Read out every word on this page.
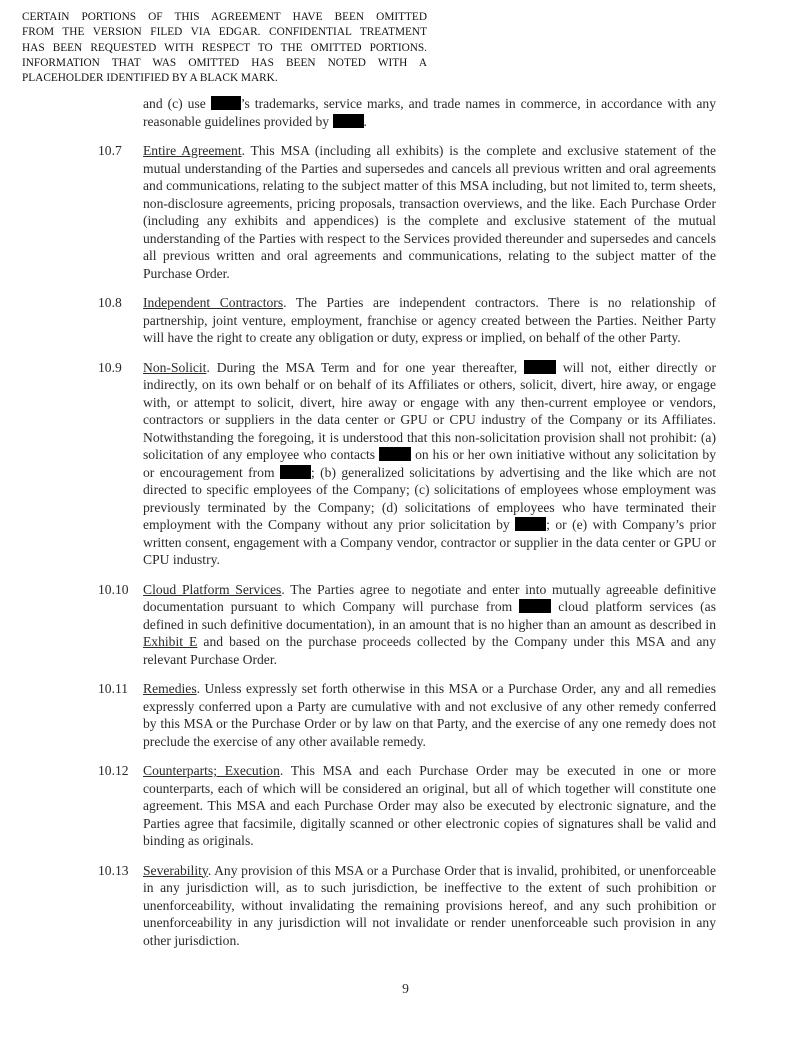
CERTAIN PORTIONS OF THIS AGREEMENT HAVE BEEN OMITTED
FROM THE VERSION FILED VIA EDGAR. CONFIDENTIAL TREATMENT
HAS BEEN REQUESTED WITH RESPECT TO THE OMITTED PORTIONS.
INFORMATION THAT WAS OMITTED HAS BEEN NOTED WITH A
PLACEHOLDER IDENTIFIED BY A BLACK MARK.

and (c) use ’s trademarks, service marks, and trade names in commerce, in accordance with any reasonable guidelines provided by .

10.7 Entire Agreement. This MSA (including all exhibits) is the complete and exclusive statement of the mutual understanding of the Parties and supersedes and cancels all previous written and oral agreements and communications, relating to the subject matter of this MSA including, but not limited to, term sheets, non-disclosure agreements, pricing proposals, transaction overviews, and the like. Each Purchase Order (including any exhibits and appendices) is the complete and exclusive statement of the mutual understanding of the Parties with respect to the Services provided thereunder and supersedes and cancels all previous written and oral agreements and communications, relating to the subject matter of the Purchase Order.
10.8 Independent Contractors. The Parties are independent contractors. There is no relationship of partnership, joint venture, employment, franchise or agency created between the Parties. Neither Party will have the right to create any obligation or duty, express or implied, on behalf of the other Party.
10.9 Non-Solicit. During the MSA Term and for one year thereafter,  will not, either directly or indirectly, on its own behalf or on behalf of its Affiliates or others, solicit, divert, hire away, or engage with, or attempt to solicit, divert, hire away or engage with any then-current employee or vendors, contractors or suppliers in the data center or GPU or CPU industry of the Company or its Affiliates. Notwithstanding the foregoing, it is understood that this non-solicitation provision shall not prohibit: (a) solicitation of any employee who contacts  on his or her own initiative without any solicitation by or encouragement from ; (b) generalized solicitations by advertising and the like which are not directed to specific employees of the Company; (c) solicitations of employees whose employment was previously terminated by the Company; (d) solicitations of employees who have terminated their employment with the Company without any prior solicitation by ; or (e) with Company’s prior written consent, engagement with a Company vendor, contractor or supplier in the data center or GPU or CPU industry.
10.10 Cloud Platform Services. The Parties agree to negotiate and enter into mutually agreeable definitive documentation pursuant to which Company will purchase from  cloud platform services (as defined in such definitive documentation), in an amount that is no higher than an amount as described in Exhibit E and based on the purchase proceeds collected by the Company under this MSA and any relevant Purchase Order.
10.11 Remedies. Unless expressly set forth otherwise in this MSA or a Purchase Order, any and all remedies expressly conferred upon a Party are cumulative with and not exclusive of any other remedy conferred by this MSA or the Purchase Order or by law on that Party, and the exercise of any one remedy does not preclude the exercise of any other available remedy.
10.12 Counterparts; Execution. This MSA and each Purchase Order may be executed in one or more counterparts, each of which will be considered an original, but all of which together will constitute one agreement. This MSA and each Purchase Order may also be executed by electronic signature, and the Parties agree that facsimile, digitally scanned or other electronic copies of signatures shall be valid and binding as originals.
10.13 Severability. Any provision of this MSA or a Purchase Order that is invalid, prohibited, or unenforceable in any jurisdiction will, as to such jurisdiction, be ineffective to the extent of such prohibition or unenforceability, without invalidating the remaining provisions hereof, and any such prohibition or unenforceability in any jurisdiction will not invalidate or render unenforceable such provision in any other jurisdiction.
9
